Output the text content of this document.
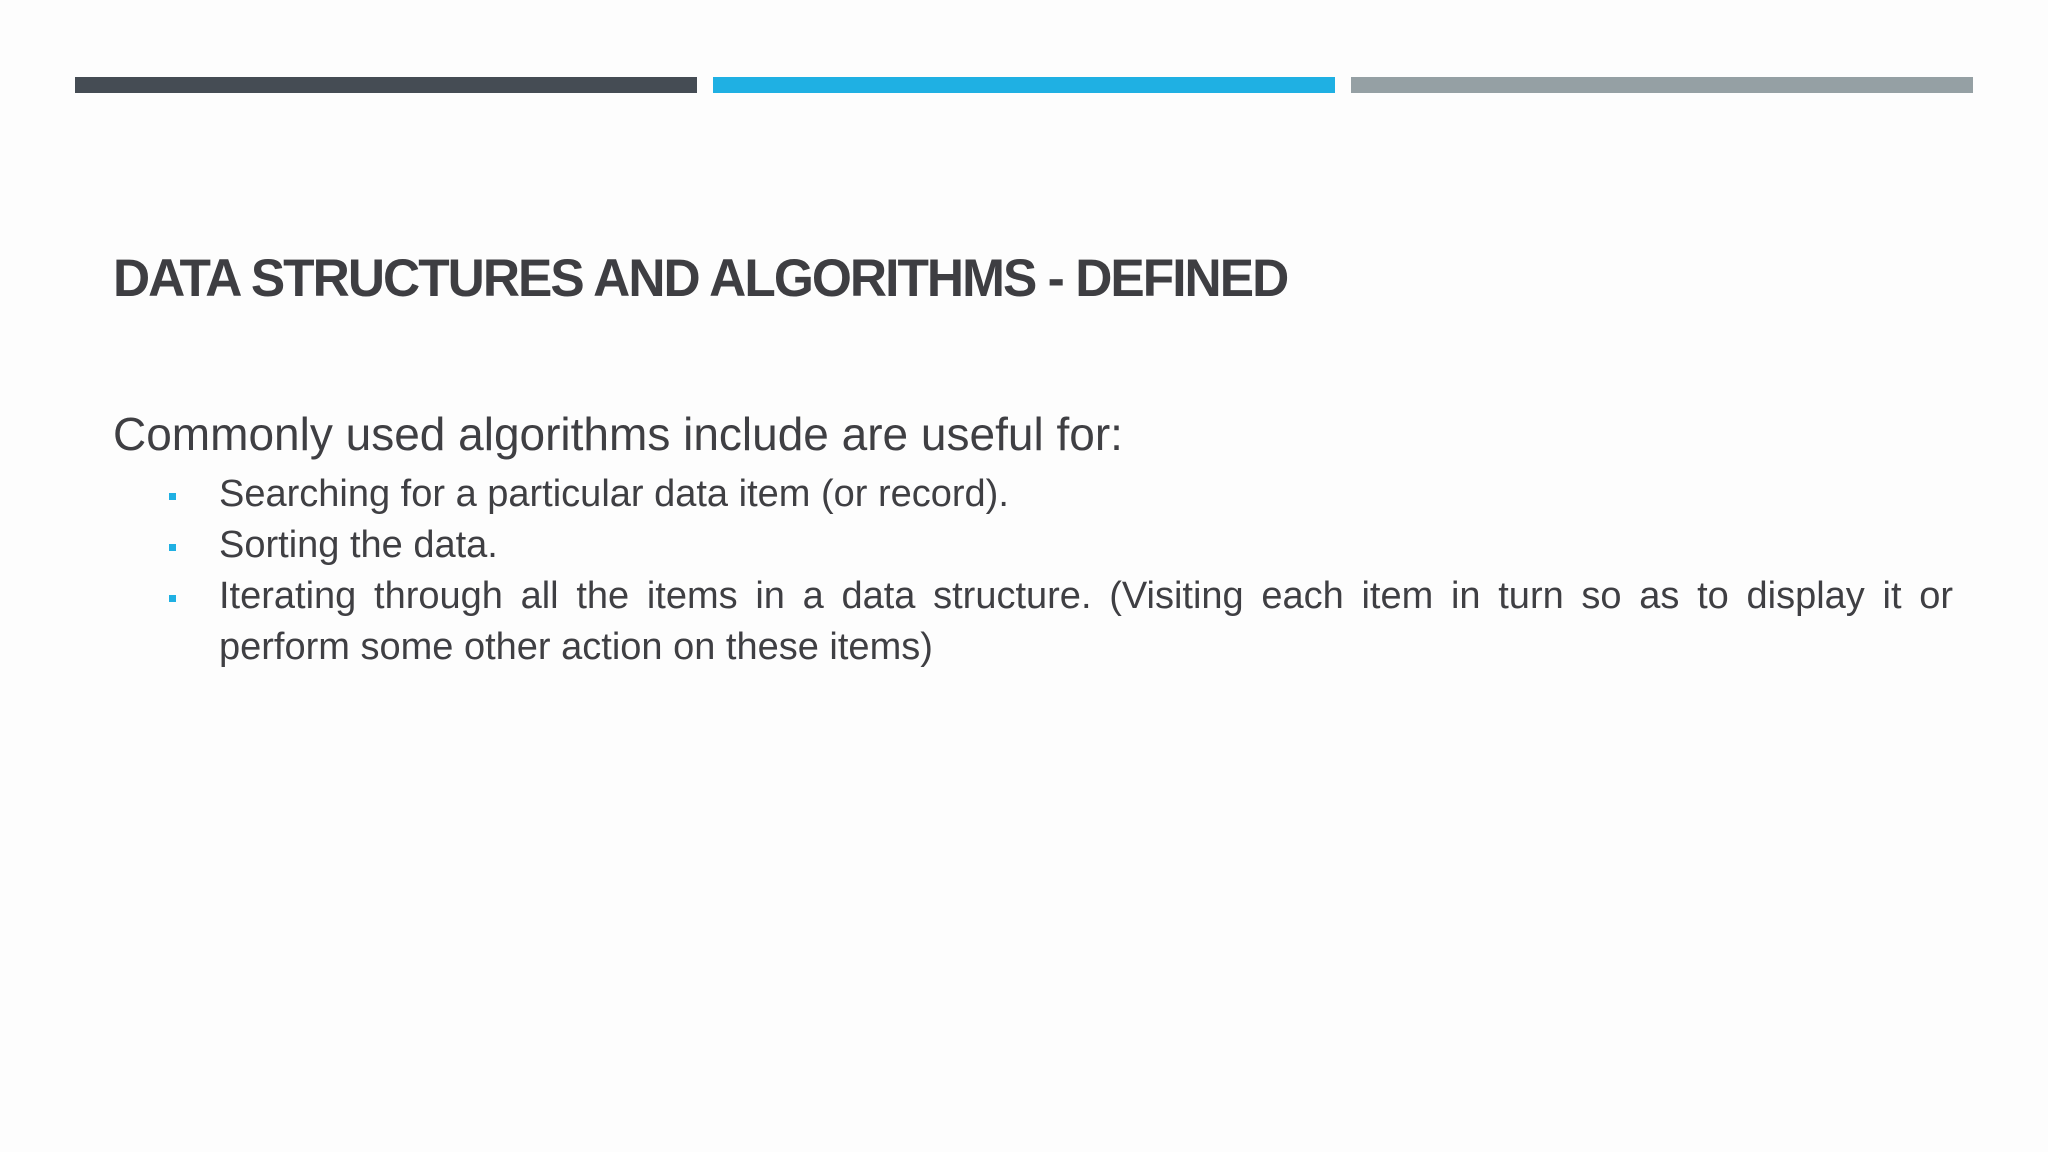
DATA STRUCTURES AND ALGORITHMS - DEFINED

Commonly used algorithms include are useful for:

Searching for a particular data item (or record).
Sorting the data.
Iterating through all the items in a data structure. (Visiting each item in turn so as to display it or perform some other action on these items)
